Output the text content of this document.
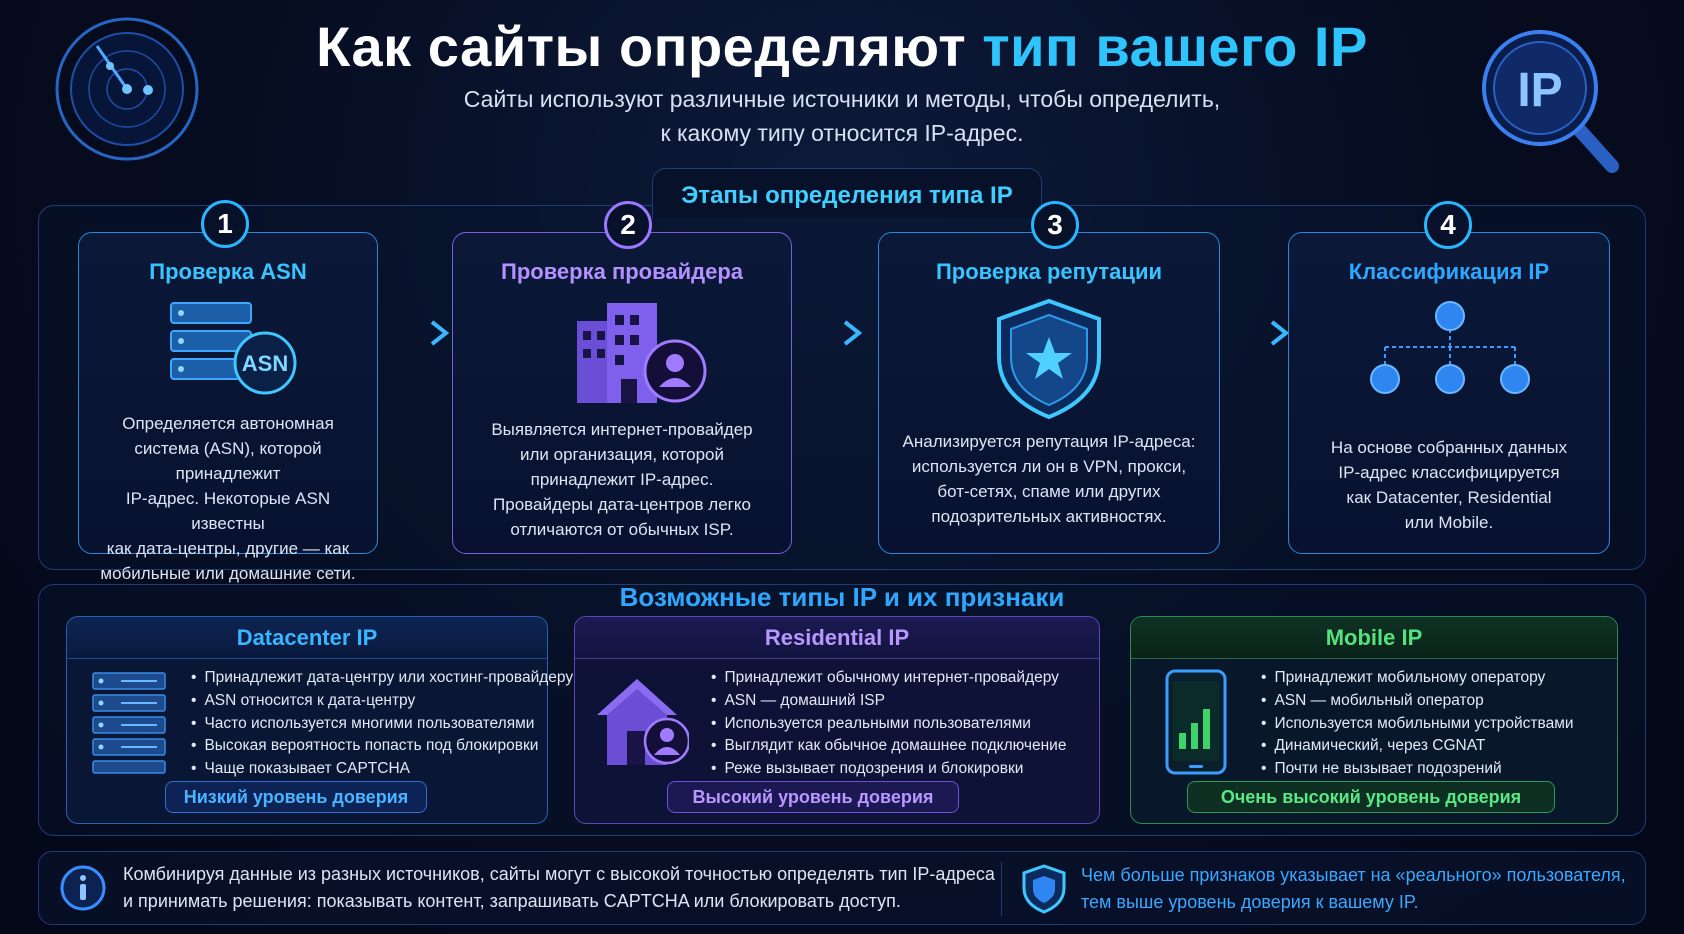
IP
Как сайты определяют тип вашего IP
Сайты используют различные источники и методы, чтобы определить,
к какому типу относится IP-адрес.
Этапы определения типа IP
Проверка ASN
ASN
Определяется автономная
система (ASN), которой принадлежит
IP-адрес. Некоторые ASN известны
как дата-центры, другие — как
мобильные или домашние сети.
1
Проверка провайдера
Выявляется интернет-провайдер
или организация, которой
принадлежит IP-адрес.
Провайдеры дата-центров легко
отличаются от обычных ISP.
2
Проверка репутации
Анализируется репутация IP-адреса:
используется ли он в VPN, прокси,
бот-сетях, спаме или других
подозрительных активностях.
3
Классификация IP
На основе собранных данных
IP-адрес классифицируется
как Datacenter, Residential
или Mobile.
4
Возможные типы IP и их признаки
Datacenter IP
• Принадлежит дата-центру или хостинг-провайдеру
• ASN относится к дата-центру
• Часто используется многими пользователями
• Высокая вероятность попасть под блокировки
• Чаще показывает CAPTCHA
Низкий уровень доверия
Residential IP
• Принадлежит обычному интернет-провайдеру
• ASN — домашний ISP
• Используется реальными пользователями
• Выглядит как обычное домашнее подключение
• Реже вызывает подозрения и блокировки
Высокий уровень доверия
Mobile IP
• Принадлежит мобильному оператору
• ASN — мобильный оператор
• Используется мобильными устройствами
• Динамический, через CGNAT
• Почти не вызывает подозрений
Очень высокий уровень доверия
Комбинируя данные из разных источников, сайты могут с высокой точностью определять тип IP-адреса
и принимать решения: показывать контент, запрашивать CAPTCHA или блокировать доступ.
Чем больше признаков указывает на «реального» пользователя,
тем выше уровень доверия к вашему IP.
